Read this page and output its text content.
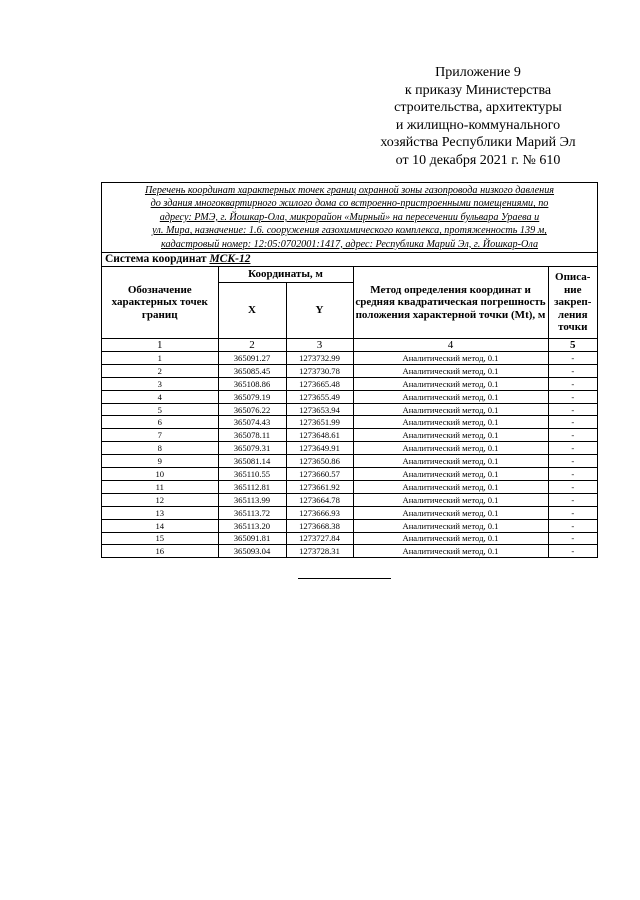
Приложение 9
к приказу Министерства
строительства, архитектуры
и жилищно-коммунального
хозяйства Республики Марий Эл
от 10 декабря 2021 г. № 610
Перечень координат характерных точек границ охранной зоны газопровода низкого давления
до здания многоквартирного жилого дома со встроенно-пристроенными помещениями, по
адресу: РМЭ, г. Йошкар-Ола, микрорайон «Мирный» на пересечении бульвара Ураева и
ул. Мира, назначение: 1.6. сооружения газохимического комплекса, протяженность 139 м,
кадастровый номер: 12:05:0702001:1417, адрес: Республика Марий Эл, г. Йошкар-Ола
Система координат МСК-12
Обозначение характерных точек границ	Координаты, м		Метод определения координат и средняя квадратическая погрешность положения характерной точки (Mt), м	Описа-
ние
закреп-
ления
точки

	X	Y		
1	2	3	4	5
1	365091.27	1273732.99	Аналитический метод, 0.1	-
2	365085.45	1273730.78	Аналитический метод, 0.1	-
3	365108.86	1273665.48	Аналитический метод, 0.1	-
4	365079.19	1273655.49	Аналитический метод, 0.1	-
5	365076.22	1273653.94	Аналитический метод, 0.1	-
6	365074.43	1273651.99	Аналитический метод, 0.1	-
7	365078.11	1273648.61	Аналитический метод, 0.1	-
8	365079.31	1273649.91	Аналитический метод, 0.1	-
9	365081.14	1273650.86	Аналитический метод, 0.1	-
10	365110.55	1273660.57	Аналитический метод, 0.1	-
11	365112.81	1273661.92	Аналитический метод, 0.1	-
12	365113.99	1273664.78	Аналитический метод, 0.1	-
13	365113.72	1273666.93	Аналитический метод, 0.1	-
14	365113.20	1273668.38	Аналитический метод, 0.1	-
15	365091.81	1273727.84	Аналитический метод, 0.1	-
16	365093.04	1273728.31	Аналитический метод, 0.1	-
